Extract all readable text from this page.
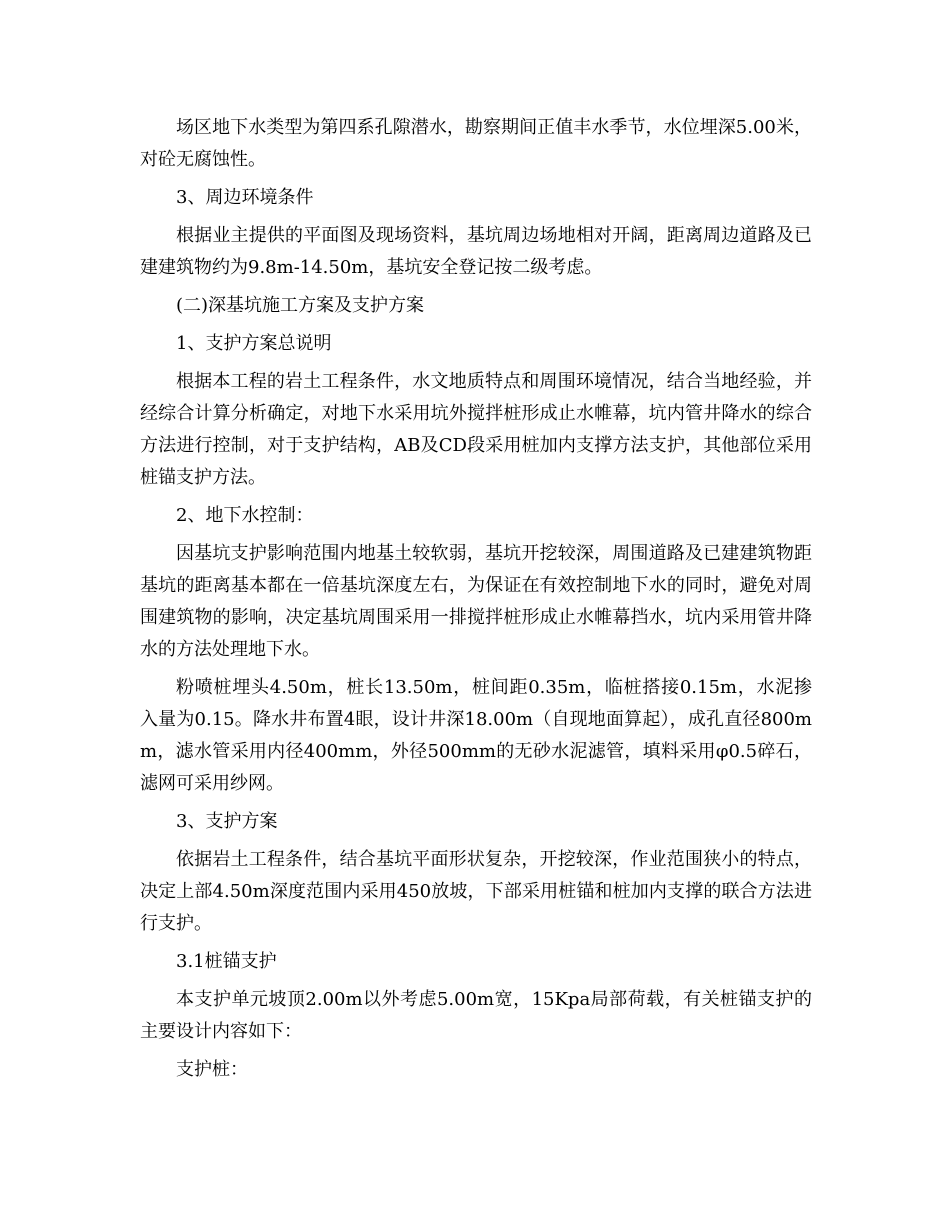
场区地下水类型为第四系孔隙潜水，勘察期间正值丰水季节，水位埋深5.00米，对砼无腐蚀性。

3、周边环境条件

根据业主提供的平面图及现场资料，基坑周边场地相对开阔，距离周边道路及已建建筑物约为9.8m-14.50m，基坑安全登记按二级考虑。

(二)深基坑施工方案及支护方案

1、支护方案总说明

根据本工程的岩土工程条件，水文地质特点和周围环境情况，结合当地经验，并经综合计算分析确定，对地下水采用坑外搅拌桩形成止水帷幕，坑内管井降水的综合方法进行控制，对于支护结构，AB及CD段采用桩加内支撑方法支护，其他部位采用桩锚支护方法。

2、地下水控制：

因基坑支护影响范围内地基土较软弱，基坑开挖较深，周围道路及已建建筑物距基坑的距离基本都在一倍基坑深度左右，为保证在有效控制地下水的同时，避免对周围建筑物的影响，决定基坑周围采用一排搅拌桩形成止水帷幕挡水，坑内采用管井降水的方法处理地下水。

粉喷桩埋头4.50m，桩长13.50m，桩间距0.35m，临桩搭接0.15m，水泥掺入量为0.15。降水井布置4眼，设计井深18.00m（自现地面算起），成孔直径800mm，滤水管采用内径400mm，外径500mm的无砂水泥滤管，填料采用φ0.5碎石，滤网可采用纱网。

3、支护方案

依据岩土工程条件，结合基坑平面形状复杂，开挖较深，作业范围狭小的特点，决定上部4.50m深度范围内采用450放坡，下部采用桩锚和桩加内支撑的联合方法进行支护。

3.1桩锚支护

本支护单元坡顶2.00m以外考虑5.00m宽，15Kpa局部荷载，有关桩锚支护的主要设计内容如下：

支护桩：
